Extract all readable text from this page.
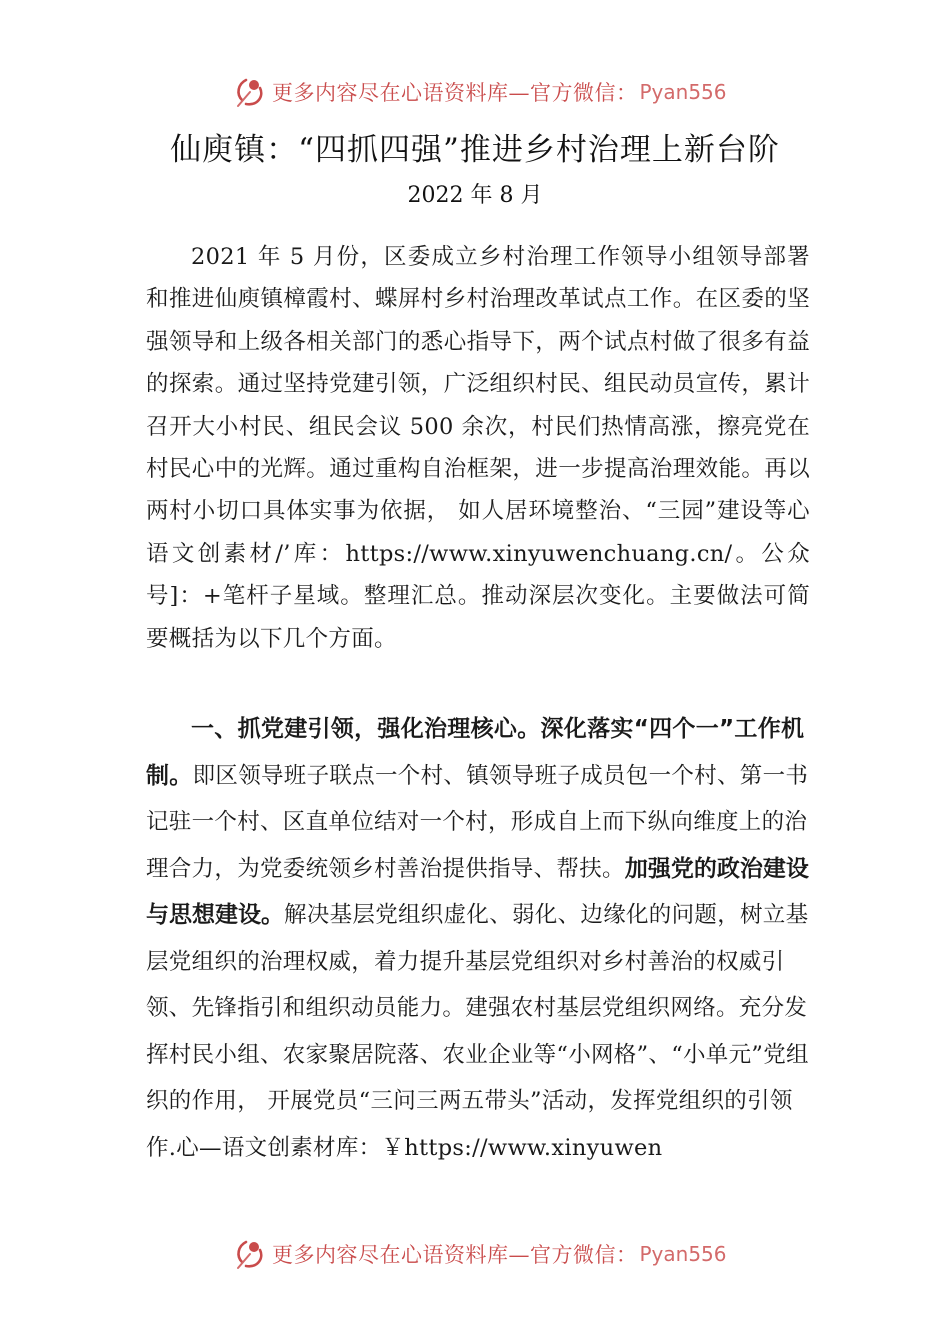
更多内容尽在心语资料库—官方微信： Pyan556
仙庾镇：“四抓四强”推进乡村治理上新台阶
2022 年 8 月

2021 年 5 月份，区委成立乡村治理工作领导小组领导部署和推进仙庾镇樟霞村、蝶屏村乡村治理改革试点工作。在区委的坚强领导和上级各相关部门的悉心指导下，两个试点村做了很多有益的探索。通过坚持党建引领，广泛组织村民、组民动员宣传，累计召开大小村民、组民会议 500 余次，村民们热情高涨，擦亮党在村民心中的光辉。通过重构自治框架，进一步提高治理效能。再以两村小切口具体实事为依据， 如人居环境整治、“三园”建设等心语文创素材/’库：https://www.xinyuwenchuang.cn/。公众号]：+笔杆子星域。整理汇总。推动深层次变化。主要做法可简要概括为以下几个方面。

一、抓党建引领，强化治理核心。深化落实“四个一”工作机制。即区领导班子联点一个村、镇领导班子成员包一个村、第一书记驻一个村、区直单位结对一个村，形成自上而下纵向维度上的治理合力，为党委统领乡村善治提供指导、帮扶。加强党的政治建设与思想建设。解决基层党组织虚化、弱化、边缘化的问题，树立基层党组织的治理权威，着力提升基层党组织对乡村善治的权威引领、先锋指引和组织动员能力。建强农村基层党组织网络。充分发挥村民小组、农家聚居院落、农业企业等“小网格”、“小单元”党组织的作用， 开展党员“三问三两五带头”活动，发挥党组织的引领作.心—语文创素材库：￥https://www.xinyuwen

更多内容尽在心语资料库—官方微信： Pyan556
